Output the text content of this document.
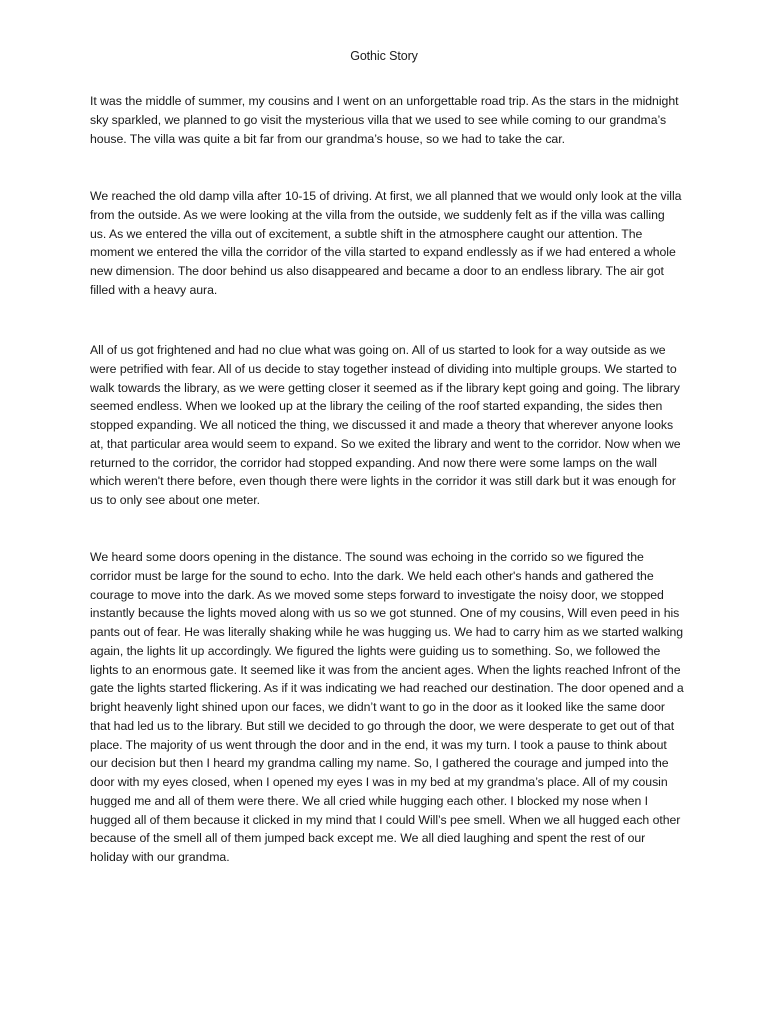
Gothic Story

It was the middle of summer, my cousins and I went on an unforgettable road trip. As the stars in the midnight sky sparkled, we planned to go visit the mysterious villa that we used to see while coming to our grandma’s house. The villa was quite a bit far from our grandma’s house, so we had to take the car.

We reached the old damp villa after 10-15 of driving. At first, we all planned that we would only look at the villa from the outside. As we were looking at the villa from the outside, we suddenly felt as if the villa was calling us. As we entered the villa out of excitement, a subtle shift in the atmosphere caught our attention. The moment we entered the villa the corridor of the villa started to expand endlessly as if we had entered a whole new dimension. The door behind us also disappeared and became a door to an endless library. The air got filled with a heavy aura.

All of us got frightened and had no clue what was going on. All of us started to look for a way outside as we were petrified with fear. All of us decide to stay together instead of dividing into multiple groups. We started to walk towards the library, as we were getting closer it seemed as if the library kept going and going. The library seemed endless. When we looked up at the library the ceiling of the roof started expanding, the sides then stopped expanding. We all noticed the thing, we discussed it and made a theory that wherever anyone looks at, that particular area would seem to expand. So we exited the library and went to the corridor. Now when we returned to the corridor, the corridor had stopped expanding. And now there were some lamps on the wall which weren't there before, even though there were lights in the corridor it was still dark but it was enough for us to only see about one meter.

We heard some doors opening in the distance. The sound was echoing in the corrido so we figured the corridor must be large for the sound to echo. Into the dark. We held each other's hands and gathered the courage to move into the dark. As we moved some steps forward to investigate the noisy door, we stopped instantly because the lights moved along with us so we got stunned. One of my cousins, Will even peed in his pants out of fear. He was literally shaking while he was hugging us. We had to carry him as we started walking again, the lights lit up accordingly. We figured the lights were guiding us to something. So, we followed the lights to an enormous gate. It seemed like it was from the ancient ages. When the lights reached Infront of the gate the lights started flickering. As if it was indicating we had reached our destination. The door opened and a bright heavenly light shined upon our faces, we didn’t want to go in the door as it looked like the same door that had led us to the library. But still we decided to go through the door, we were desperate to get out of that place. The majority of us went through the door and in the end, it was my turn. I took a pause to think about our decision but then I heard my grandma calling my name. So, I gathered the courage and jumped into the door with my eyes closed, when I opened my eyes I was in my bed at my grandma’s place. All of my cousin hugged me and all of them were there. We all cried while hugging each other. I blocked my nose when I hugged all of them because it clicked in my mind that I could Will’s pee smell. When we all hugged each other because of the smell all of them jumped back except me. We all died laughing and spent the rest of our holiday with our grandma.
